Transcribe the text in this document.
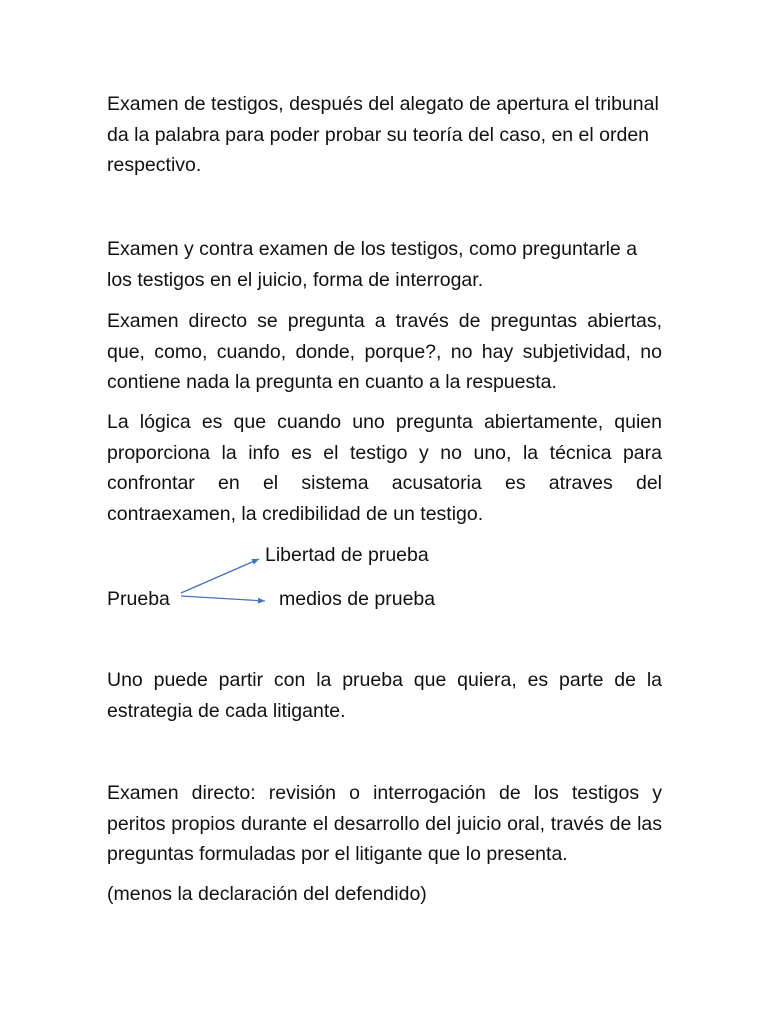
Examen de testigos, después del alegato de apertura el tribunal da la palabra para poder probar su teoría del caso, en el orden respectivo.

Examen y contra examen de los testigos, como preguntarle a los testigos en el juicio, forma de interrogar.

Examen directo se pregunta a través de preguntas abiertas, que, como, cuando, donde, porque?, no hay subjetividad, no contiene nada la pregunta en cuanto a la respuesta.

La lógica es que cuando uno pregunta abiertamente, quien proporciona la info es el testigo y no uno, la técnica para confrontar en el sistema acusatoria es atraves del contraexamen, la credibilidad de un testigo.

Libertad de prueba
Prueba	medios de prueba

Uno puede partir con la prueba que quiera, es parte de la estrategia de cada litigante.

Examen directo: revisión o interrogación de los testigos y peritos propios durante el desarrollo del juicio oral, través de las preguntas formuladas por el litigante que lo presenta.

(menos la declaración del defendido)
